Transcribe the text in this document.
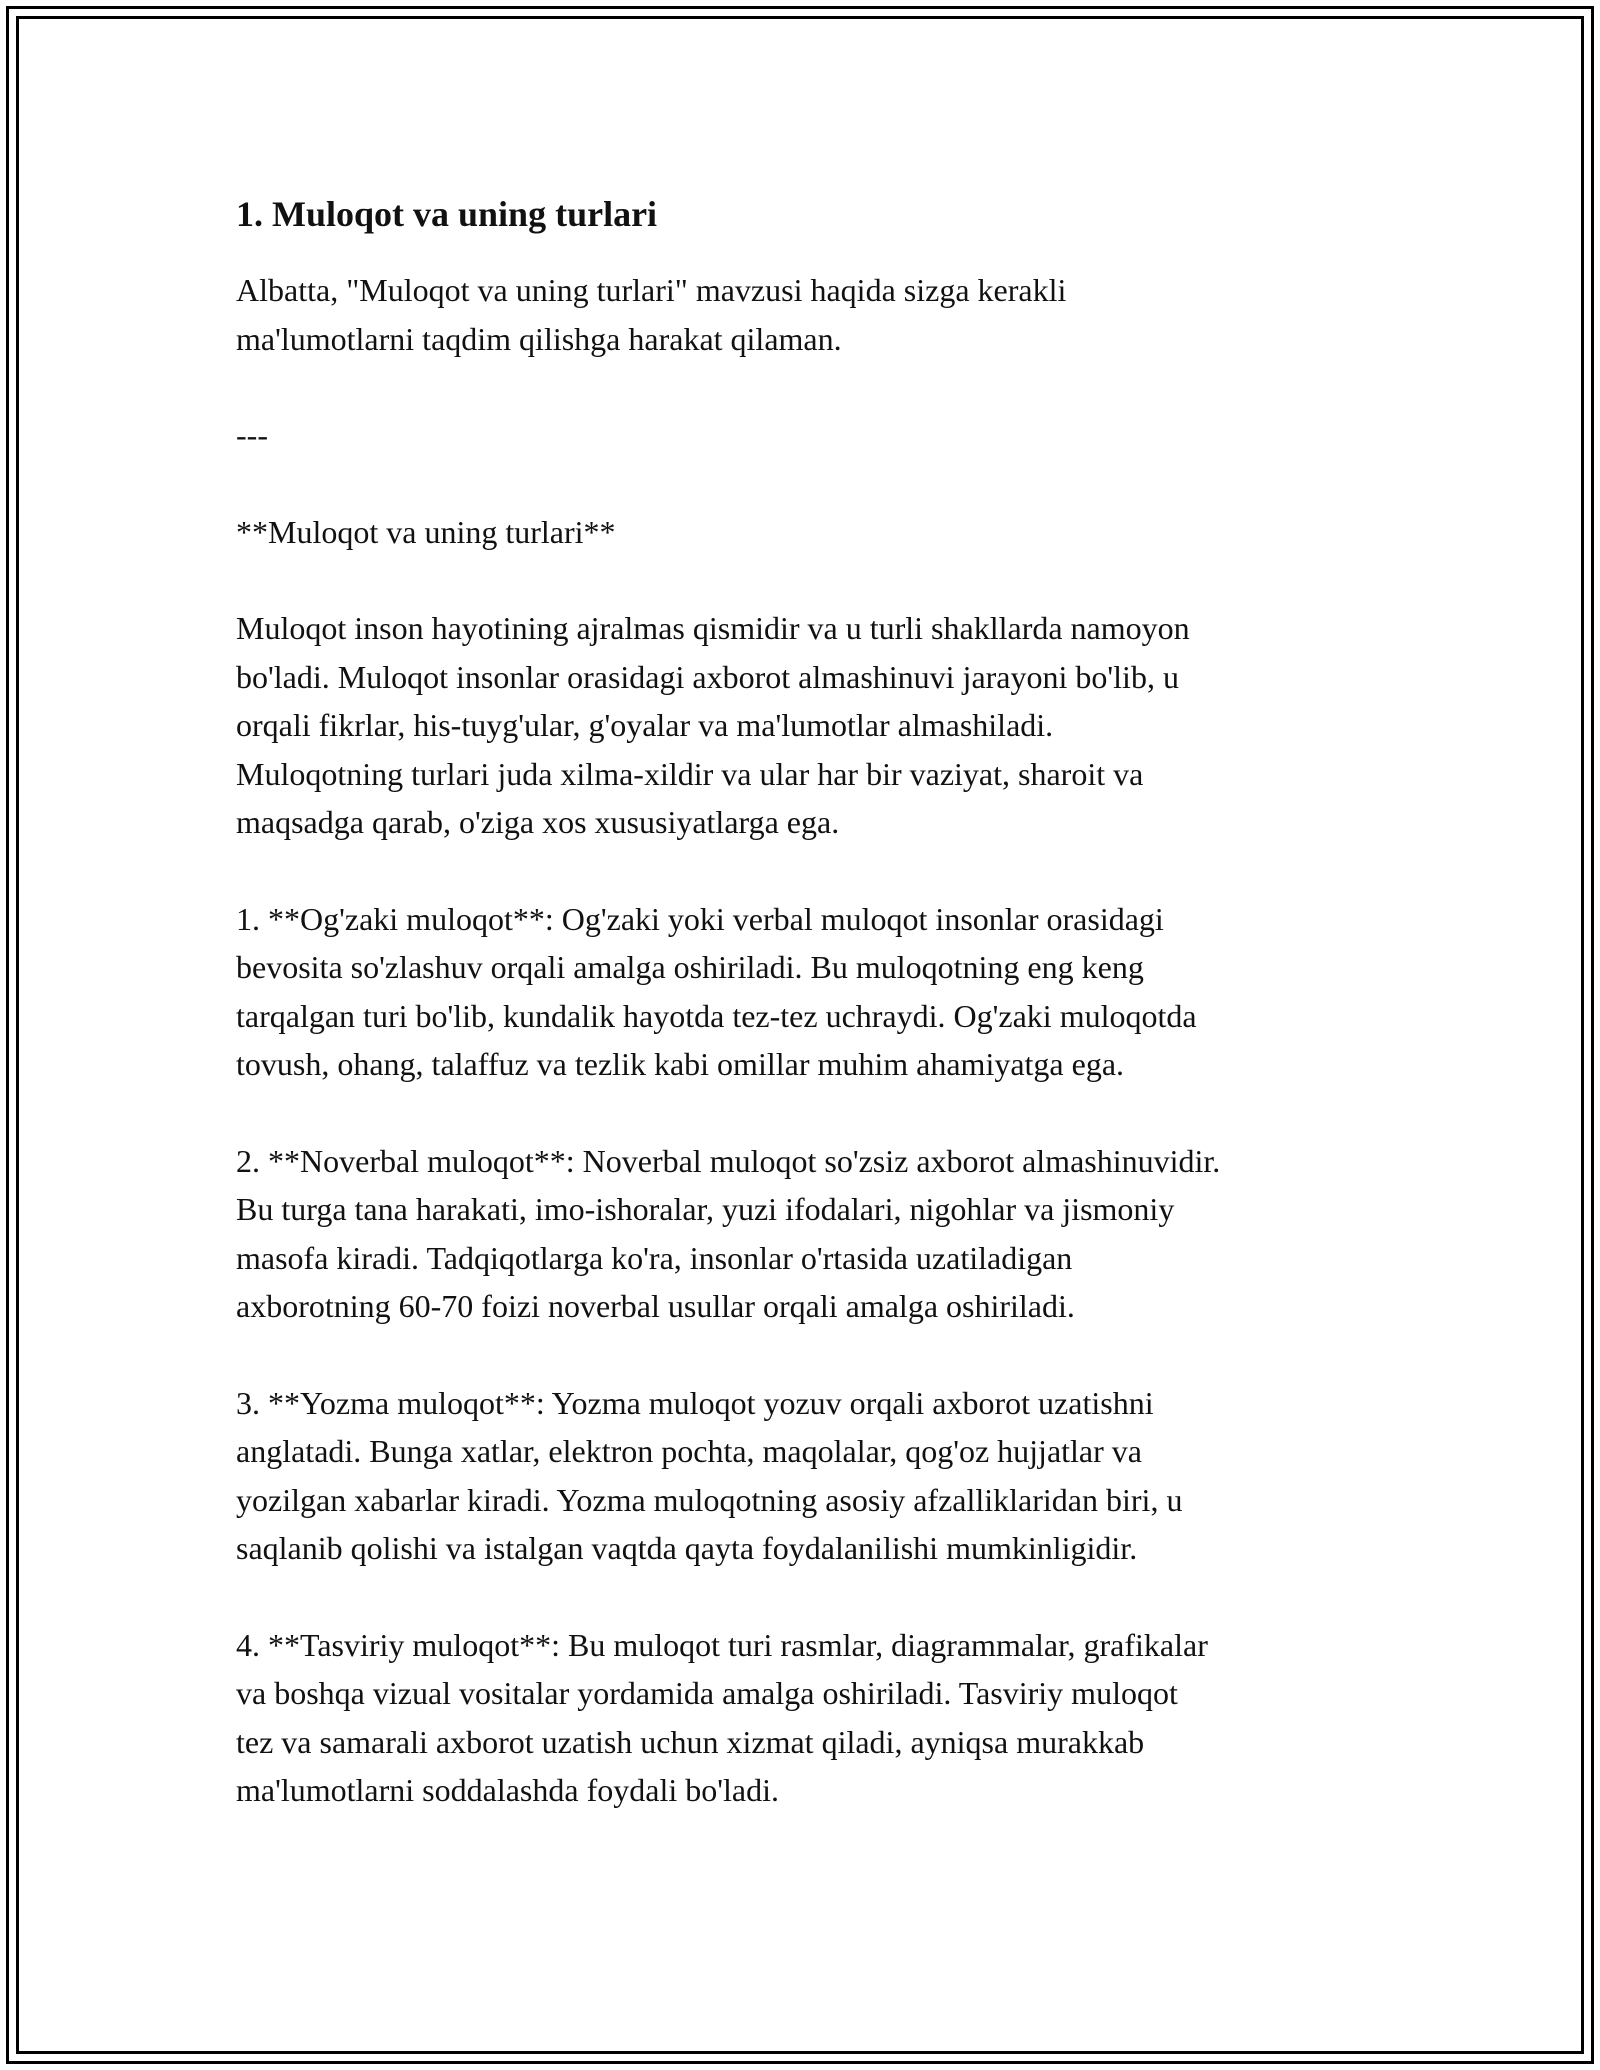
1. Muloqot va uning turlari

Albatta, "Muloqot va uning turlari" mavzusi haqida sizga kerakli
ma'lumotlarni taqdim qilishga harakat qilaman.

---

**Muloqot va uning turlari**

Muloqot inson hayotining ajralmas qismidir va u turli shakllarda namoyon
bo'ladi. Muloqot insonlar orasidagi axborot almashinuvi jarayoni bo'lib, u
orqali fikrlar, his-tuyg'ular, g'oyalar va ma'lumotlar almashiladi.
Muloqotning turlari juda xilma-xildir va ular har bir vaziyat, sharoit va
maqsadga qarab, o'ziga xos xususiyatlarga ega.

1. **Og'zaki muloqot**: Og'zaki yoki verbal muloqot insonlar orasidagi
bevosita so'zlashuv orqali amalga oshiriladi. Bu muloqotning eng keng
tarqalgan turi bo'lib, kundalik hayotda tez-tez uchraydi. Og'zaki muloqotda
tovush, ohang, talaffuz va tezlik kabi omillar muhim ahamiyatga ega.

2. **Noverbal muloqot**: Noverbal muloqot so'zsiz axborot almashinuvidir.
Bu turga tana harakati, imo-ishoralar, yuzi ifodalari, nigohlar va jismoniy
masofa kiradi. Tadqiqotlarga ko'ra, insonlar o'rtasida uzatiladigan
axborotning 60-70 foizi noverbal usullar orqali amalga oshiriladi.

3. **Yozma muloqot**: Yozma muloqot yozuv orqali axborot uzatishni
anglatadi. Bunga xatlar, elektron pochta, maqolalar, qog'oz hujjatlar va
yozilgan xabarlar kiradi. Yozma muloqotning asosiy afzalliklaridan biri, u
saqlanib qolishi va istalgan vaqtda qayta foydalanilishi mumkinligidir.

4. **Tasviriy muloqot**: Bu muloqot turi rasmlar, diagrammalar, grafikalar
va boshqa vizual vositalar yordamida amalga oshiriladi. Tasviriy muloqot
tez va samarali axborot uzatish uchun xizmat qiladi, ayniqsa murakkab
ma'lumotlarni soddalashda foydali bo'ladi.
